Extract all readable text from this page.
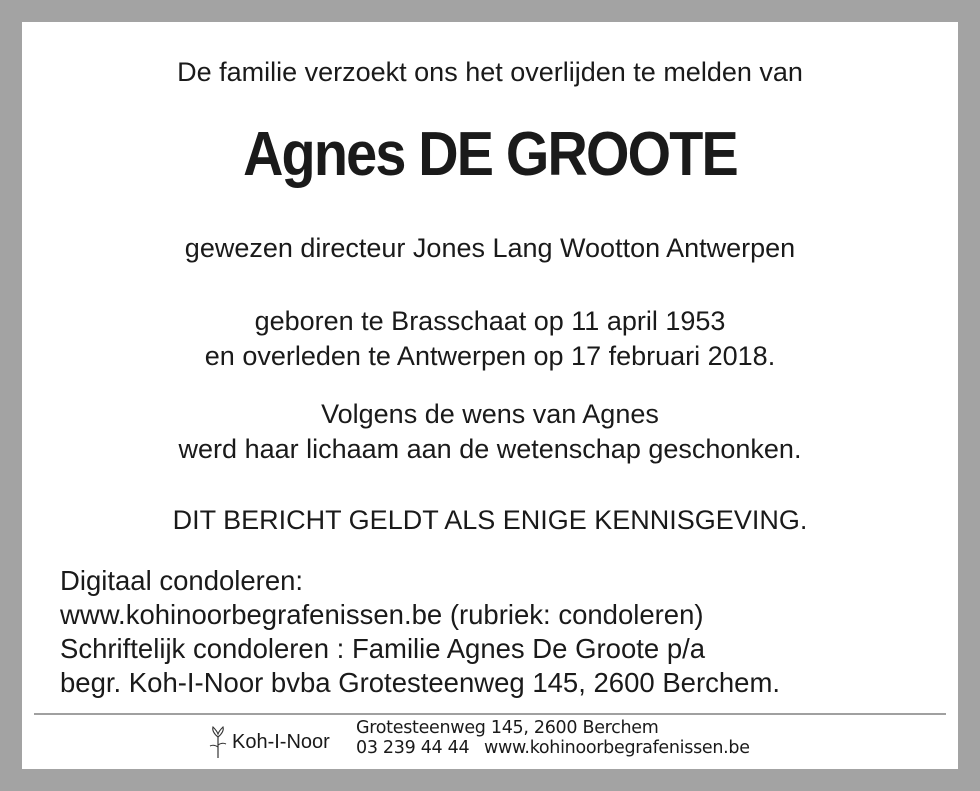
De familie verzoekt ons het overlijden te melden van
Agnes DE GROOTE
gewezen directeur Jones Lang Wootton Antwerpen
geboren te Brasschaat op 11 april 1953
en overleden te Antwerpen op 17 februari 2018.
Volgens de wens van Agnes
werd haar lichaam aan de wetenschap geschonken.
DIT BERICHT GELDT ALS ENIGE KENNISGEVING.
Digitaal condoleren:
www.kohinoorbegrafenissen.be (rubriek: condoleren)
Schriftelijk condoleren : Familie Agnes De Groote p/a
begr. Koh-I-Noor bvba Grotesteenweg 145, 2600 Berchem.
Koh-I-Noor
Grotesteenweg 145, 2600 Berchem
03 239 44 44 www.kohinoorbegrafenissen.be
